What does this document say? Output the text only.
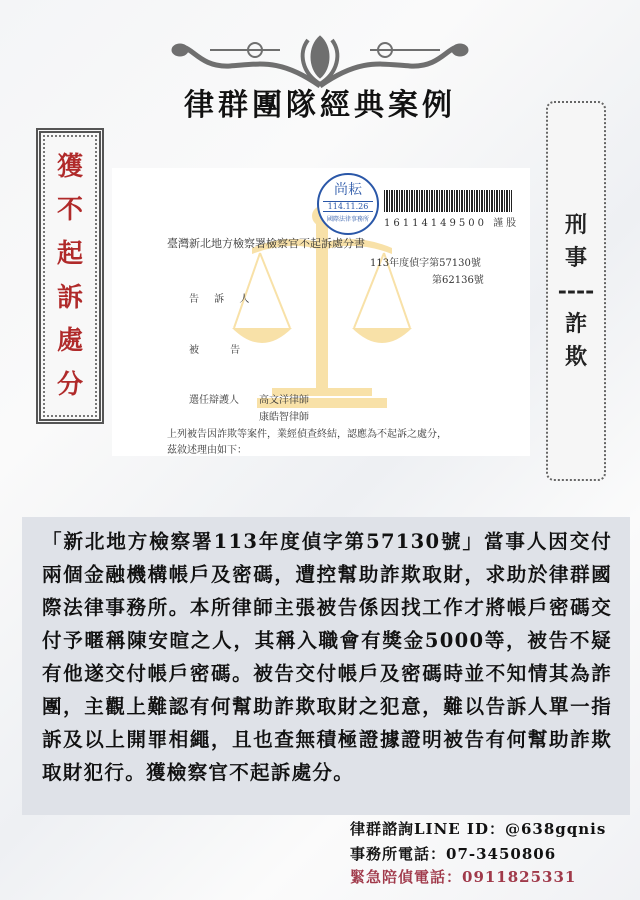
律群團隊經典案例
獲
不
起
訴
處
分
刑
事
----
詐
欺
尚耘
114.11.26
國際法律事務所	16114149500 謹股
臺灣新北地方檢察署檢察官不起訴處分書
113年度偵字第57130號
第62136號
告 訴 人
被 告
選任辯護人 高文洋律師
康皓智律師
上列被告因詐欺等案件，業經偵查終結，認應為不起訴之處分，
茲敘述理由如下：
「新北地方檢察署113年度偵字第57130號」當事人因交付兩個金融機構帳戶及密碼，遭控幫助詐欺取財，求助於律群國際法律事務所。本所律師主張被告係因找工作才將帳戶密碼交付予暱稱陳安暄之人，其稱入職會有獎金5000等，被告不疑有他遂交付帳戶密碼。被告交付帳戶及密碼時並不知情其為詐團，主觀上難認有何幫助詐欺取財之犯意，難以告訴人單一指訴及以上開罪相繩，且也查無積極證據證明被告有何幫助詐欺取財犯行。獲檢察官不起訴處分。
律群諮詢LINE ID：@638gqnis
事務所電話：07-3450806
緊急陪偵電話：0911825331
